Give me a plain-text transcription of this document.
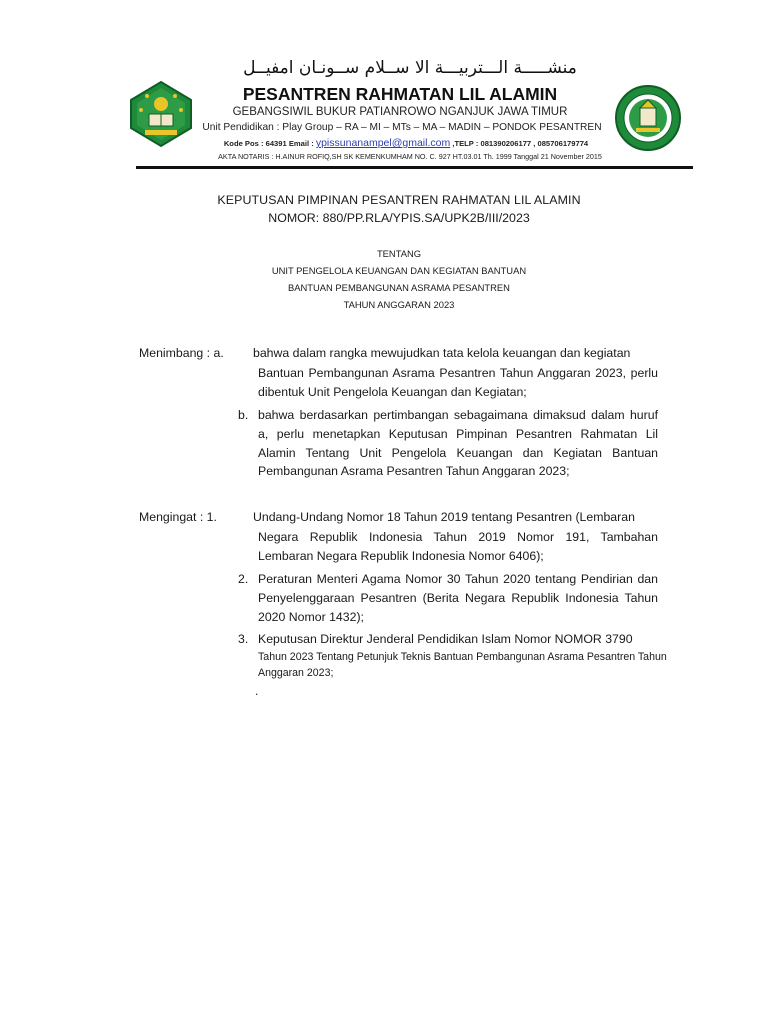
منشـــــة الـــتربيـــة الا ســلام ســونـان امفيــل
PESANTREN RAHMATAN LIL ALAMIN
GEBANGSIWIL BUKUR PATIANROWO NGANJUK JAWA TIMUR
Unit Pendidikan : Play Group – RA – MI – MTs – MA – MADIN – PONDOK PESANTREN
Kode Pos : 64391 Email : ypissunanampel@gmail.com ,TELP : 081390206177 , 085706179774
AKTA NOTARIS : H.AINUR ROFIQ,SH SK KEMENKUMHAM NO. C. 927 HT.03.01 Th. 1999 Tanggal 21 November 2015
KEPUTUSAN PIMPINAN PESANTREN RAHMATAN LIL ALAMIN
NOMOR: 880/PP.RLA/YPIS.SA/UPK2B/III/2023
TENTANG
UNIT PENGELOLA KEUANGAN DAN KEGIATAN BANTUAN
BANTUAN PEMBANGUNAN ASRAMA PESANTREN
TAHUN ANGGARAN 2023
Menimbang : a. bahwa dalam rangka mewujudkan tata kelola keuangan dan kegiatan
Bantuan Pembangunan Asrama Pesantren Tahun Anggaran 2023, perlu dibentuk Unit Pengelola Keuangan dan Kegiatan;
b. bahwa berdasarkan pertimbangan sebagaimana dimaksud dalam huruf a, perlu menetapkan Keputusan Pimpinan Pesantren Rahmatan Lil Alamin Tentang Unit Pengelola Keuangan dan Kegiatan Bantuan Pembangunan Asrama Pesantren Tahun Anggaran 2023;
Mengingat : 1.	Undang-Undang Nomor 18 Tahun 2019 tentang Pesantren (Lembaran
Negara Republik Indonesia Tahun 2019 Nomor 191, Tambahan Lembaran Negara Republik Indonesia Nomor 6406);
2. Peraturan Menteri Agama Nomor 30 Tahun 2020 tentang Pendirian dan Penyelenggaraan Pesantren (Berita Negara Republik Indonesia Tahun 2020 Nomor 1432);
3. Keputusan Direktur Jenderal Pendidikan Islam Nomor NOMOR 3790
Tahun 2023 Tentang Petunjuk Teknis Bantuan Pembangunan Asrama Pesantren Tahun Anggaran 2023;
.
